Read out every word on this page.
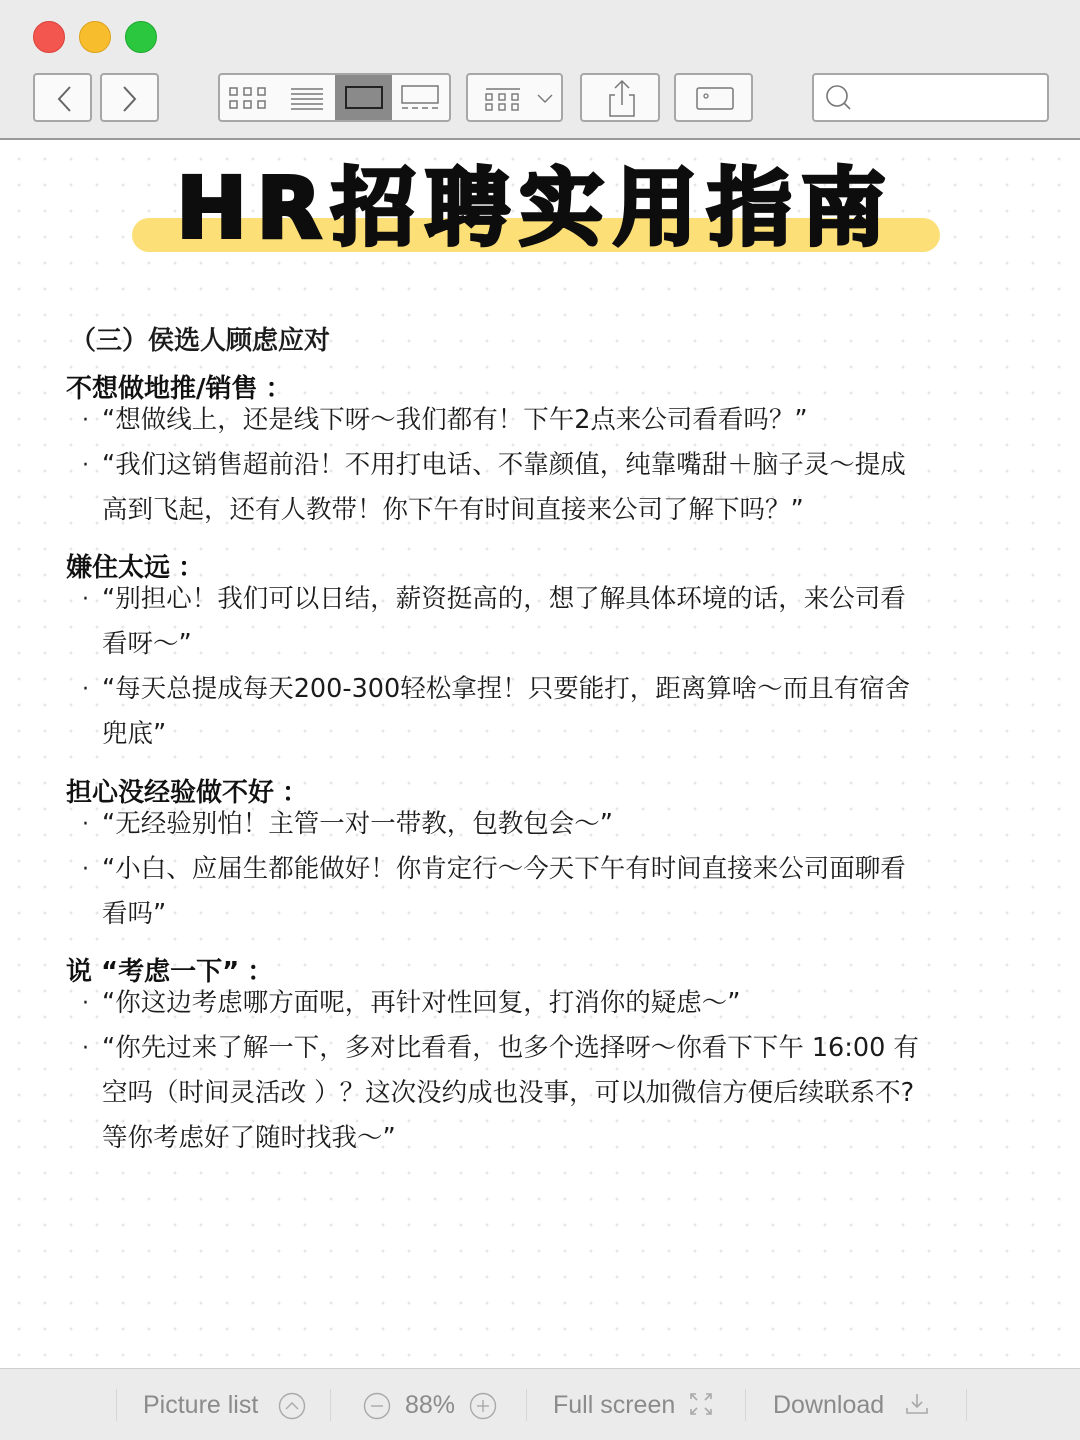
HR招聘实用指南
（三）侯选人顾虑应对
不想做地推/销售 ：
· “想做线上，还是线下呀～我们都有！下午2点来公司看看吗？”
· “我们这销售超前沿！不用打电话、不靠颜值，纯靠嘴甜＋脑子灵～提成
高到飞起，还有人教带！你下午有时间直接来公司了解下吗？”
嫌住太远 ：
· “别担心！我们可以日结，薪资挺高的，想了解具体环境的话，来公司看
看呀～”
· “每天总提成每天200-300轻松拿捏！只要能打，距离算啥～而且有宿舍
兜底”
担心没经验做不好 ：
· “无经验别怕！主管一对一带教，包教包会～”
· “小白、应届生都能做好！你肯定行～今天下午有时间直接来公司面聊看
看吗”
说 “考虑一下” ：
· “你这边考虑哪方面呢，再针对性回复，打消你的疑虑～”
· “你先过来了解一下，多对比看看，也多个选择呀～你看下下午 16:00 有
空吗（时间灵活改 ）？这次没约成也没事，可以加微信方便后续联系不?
等你考虑好了随时找我～”
Picture list	88%	Full screen	Download
